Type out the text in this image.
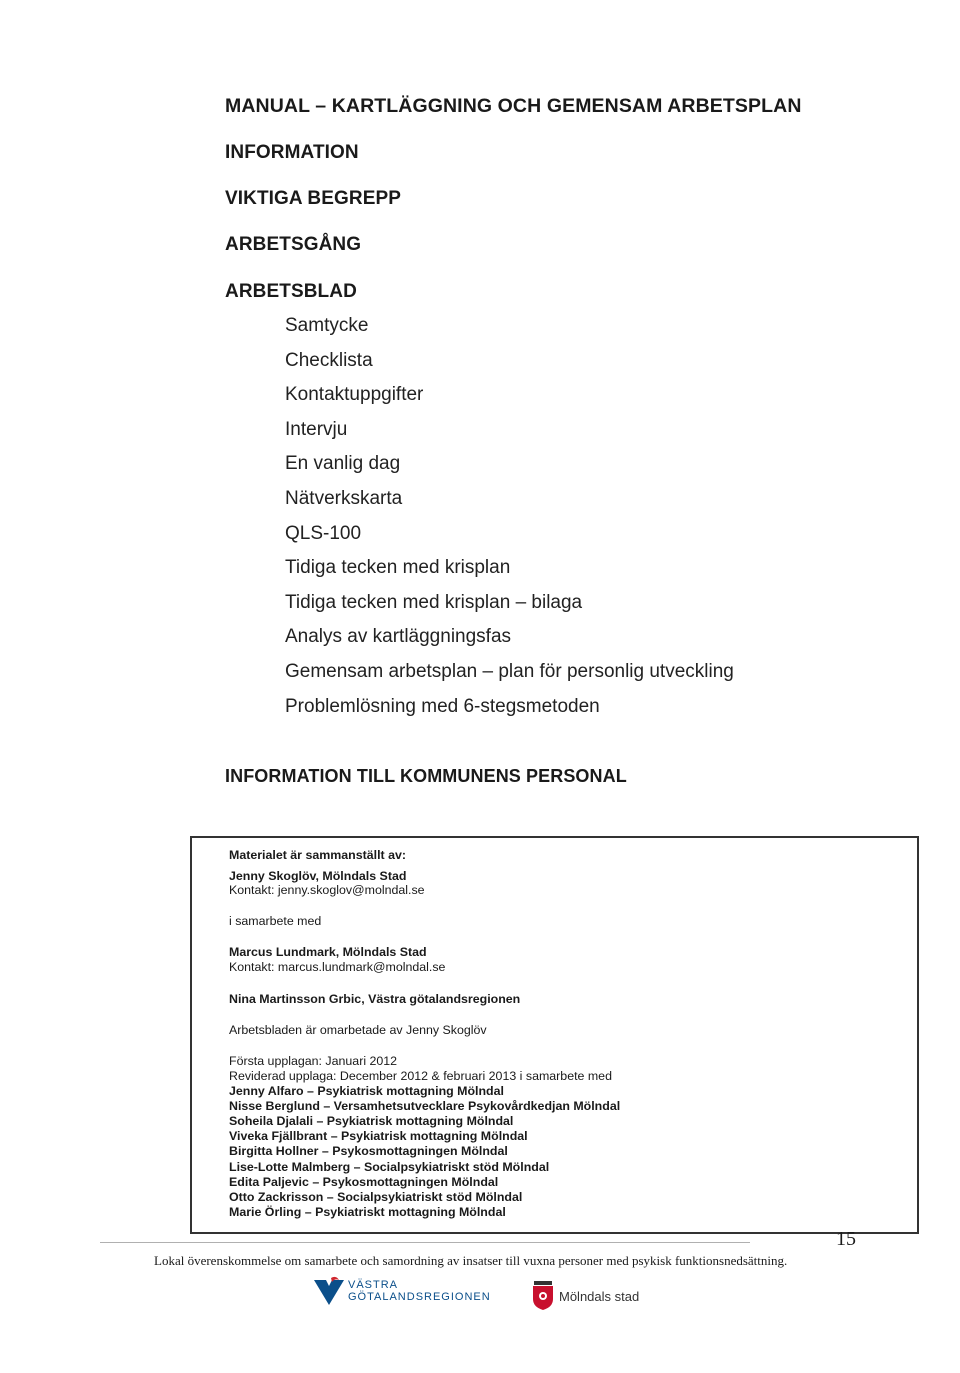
MANUAL – KARTLÄGGNING OCH GEMENSAM ARBETSPLAN
INFORMATION
VIKTIGA BEGREPP
ARBETSGÅNG
ARBETSBLAD
Samtycke
Checklista
Kontaktuppgifter
Intervju
En vanlig dag
Nätverkskarta
QLS-100
Tidiga tecken med krisplan
Tidiga tecken med krisplan – bilaga
Analys av kartläggningsfas
Gemensam arbetsplan – plan för personlig utveckling
Problemlösning med 6-stegsmetoden
INFORMATION TILL KOMMUNENS PERSONAL
Materialet är sammanställt av:
Jenny Skoglöv, Mölndals Stad
Kontakt: jenny.skoglov@molndal.se
i samarbete med
Marcus Lundmark, Mölndals Stad
Kontakt: marcus.lundmark@molndal.se
Nina Martinsson Grbic, Västra götalandsregionen
Arbetsbladen är omarbetade av Jenny Skoglöv
Första upplagan: Januari 2012
Reviderad upplaga: December 2012 & februari 2013 i samarbete med
Jenny Alfaro – Psykiatrisk mottagning Mölndal
Nisse Berglund – Versamhetsutvecklare Psykovårdkedjan Mölndal
Soheila Djalali – Psykiatrisk mottagning Mölndal
Viveka Fjällbrant – Psykiatrisk mottagning Mölndal
Birgitta Hollner – Psykosmottagningen Mölndal
Lise-Lotte Malmberg – Socialpsykiatriskt stöd Mölndal
Edita Paljevic – Psykosmottagningen Mölndal
Otto Zackrisson – Socialpsykiatriskt stöd Mölndal
Marie Örling – Psykiatriskt mottagning Mölndal
15
Lokal överenskommelse om samarbete och samordning av insatser till vuxna personer med psykisk funktionsnedsättning.
VÄSTRA
GÖTALANDSREGIONEN	Mölndals stad
